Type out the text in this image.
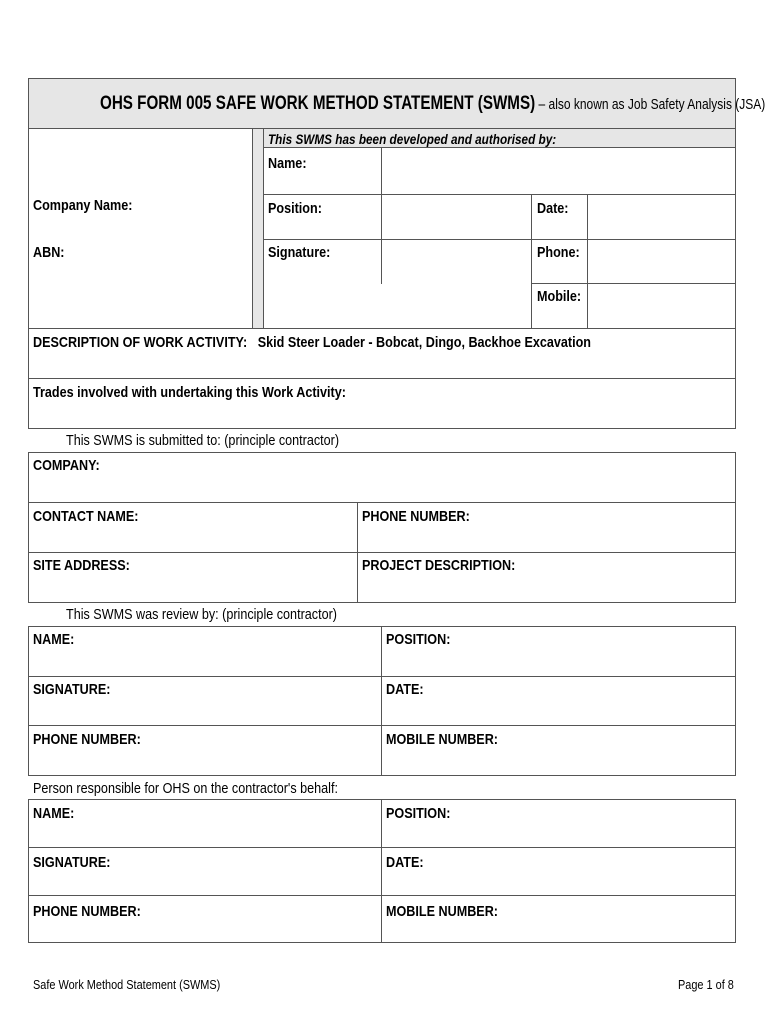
OHS FORM 005 SAFE WORK METHOD STATEMENT (SWMS) – also known as Job Safety Analysis (JSA)
This SWMS has been developed and authorised by:
Company Name:
ABN:
Name:
Position:	Date:
Signature:	Phone:
Mobile:
DESCRIPTION OF WORK ACTIVITY: Skid Steer Loader - Bobcat, Dingo, Backhoe Excavation
Trades involved with undertaking this Work Activity:
This SWMS is submitted to: (principle contractor)
COMPANY:
CONTACT NAME:	PHONE NUMBER:
SITE ADDRESS:	PROJECT DESCRIPTION:
This SWMS was review by: (principle contractor)
NAME:	POSITION:
SIGNATURE:	DATE:
PHONE NUMBER:	MOBILE NUMBER:
Person responsible for OHS on the contractor's behalf:
NAME:	POSITION:
SIGNATURE:	DATE:
PHONE NUMBER:	MOBILE NUMBER:
Safe Work Method Statement (SWMS)	Page 1 of 8
